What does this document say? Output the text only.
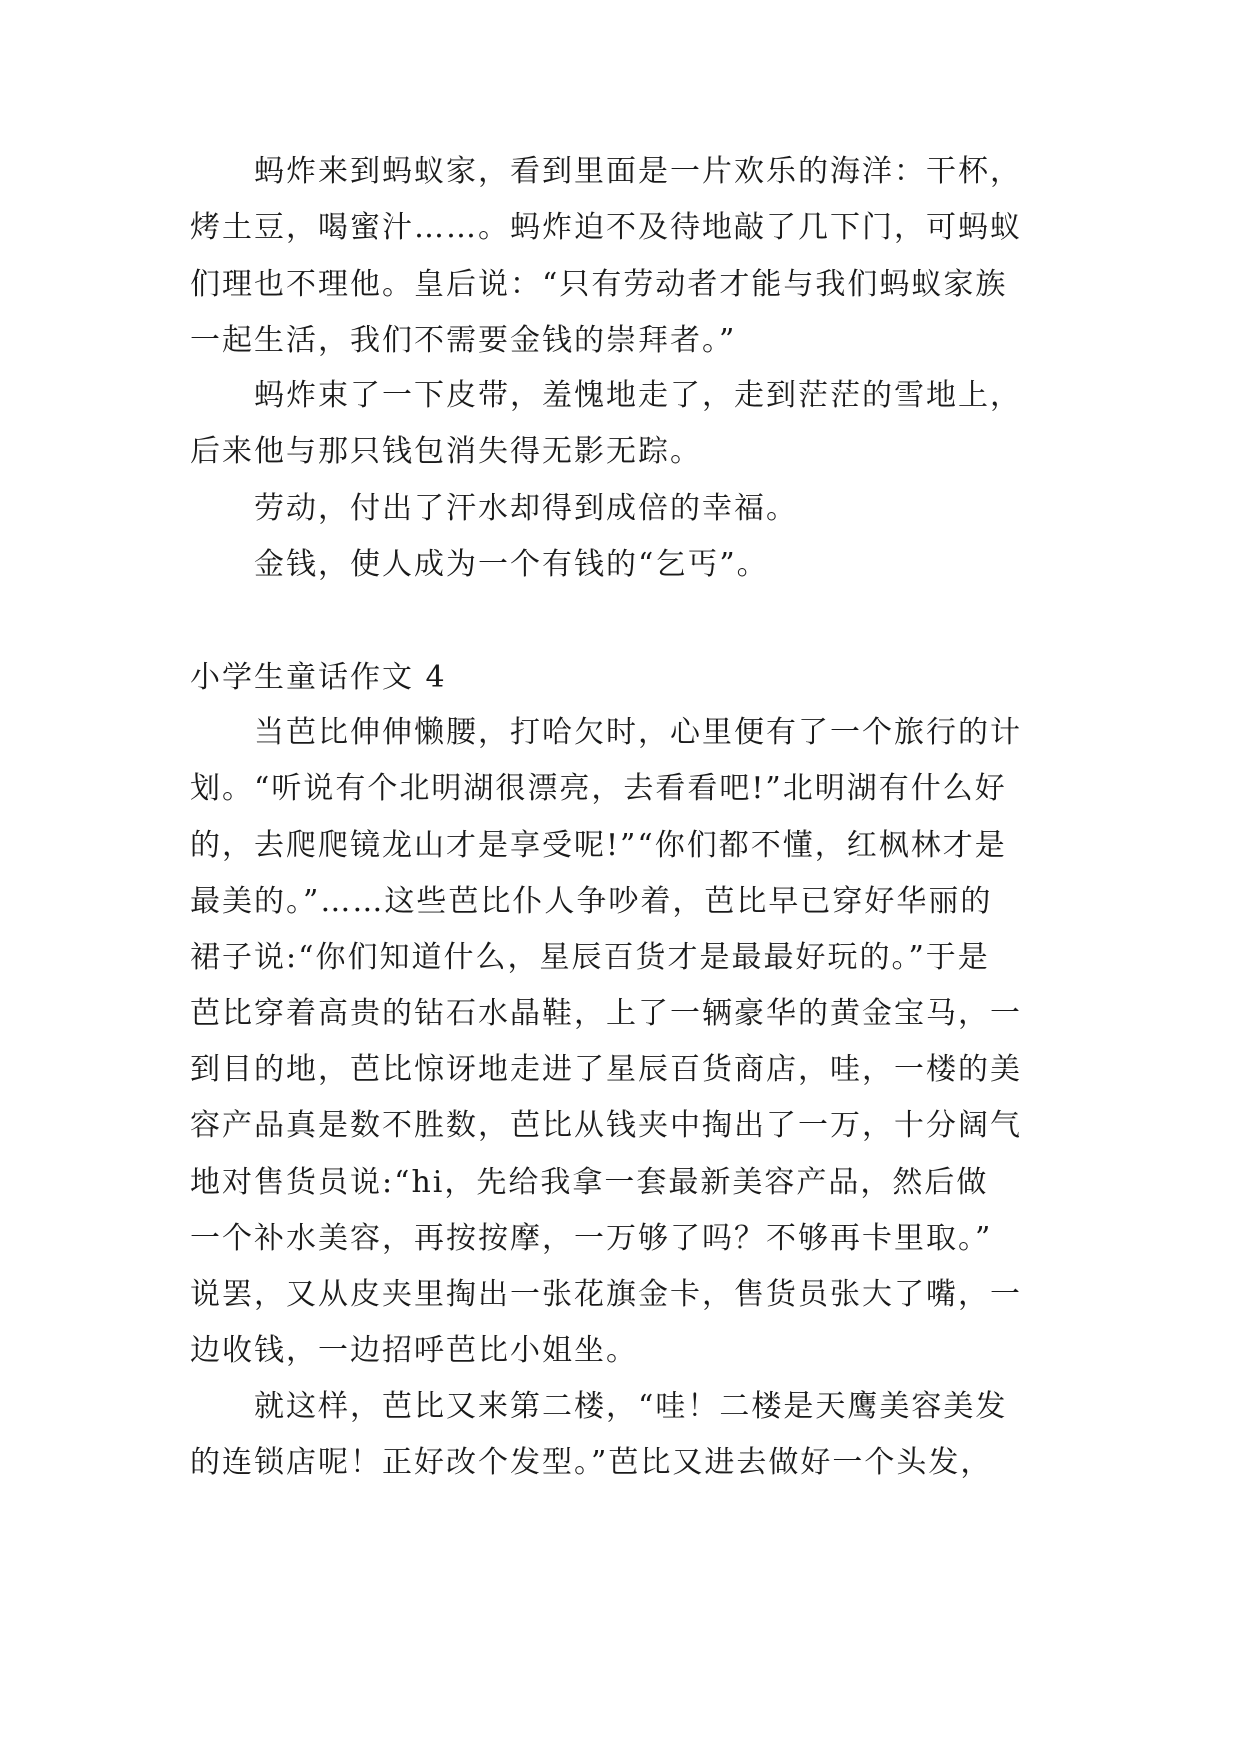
蚂炸来到蚂蚁家，看到里面是一片欢乐的海洋：干杯，
烤土豆，喝蜜汁……。蚂炸迫不及待地敲了几下门，可蚂蚁
们理也不理他。皇后说：“只有劳动者才能与我们蚂蚁家族
一起生活，我们不需要金钱的崇拜者。”
蚂炸束了一下皮带，羞愧地走了，走到茫茫的雪地上，
后来他与那只钱包消失得无影无踪。
劳动，付出了汗水却得到成倍的幸福。
金钱，使人成为一个有钱的“乞丐”。
小学生童话作文 4
当芭比伸伸懒腰，打哈欠时，心里便有了一个旅行的计
划。“听说有个北明湖很漂亮，去看看吧!”北明湖有什么好
的，去爬爬镜龙山才是享受呢!”“你们都不懂，红枫林才是
最美的。”……这些芭比仆人争吵着，芭比早已穿好华丽的
裙子说:“你们知道什么，星辰百货才是最最好玩的。”于是
芭比穿着高贵的钻石水晶鞋，上了一辆豪华的黄金宝马，一
到目的地，芭比惊讶地走进了星辰百货商店，哇，一楼的美
容产品真是数不胜数，芭比从钱夹中掏出了一万，十分阔气
地对售货员说:“hi，先给我拿一套最新美容产品，然后做
一个补水美容，再按按摩，一万够了吗？不够再卡里取。”
说罢，又从皮夹里掏出一张花旗金卡，售货员张大了嘴，一
边收钱，一边招呼芭比小姐坐。
就这样，芭比又来第二楼，“哇！二楼是天鹰美容美发
的连锁店呢！正好改个发型。”芭比又进去做好一个头发，
